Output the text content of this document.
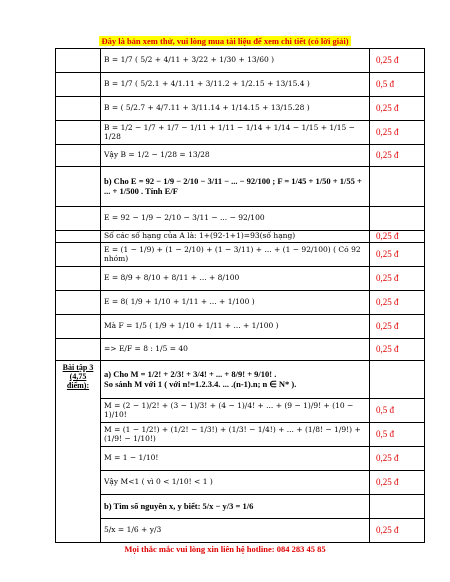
Đây là bản xem thử, vui lòng mua tài liệu để xem chi tiết (có lời giải)
	B = 1/7 ( 5/2 + 4/11 + 3/22 + 1/30 + 13/60 )	0,25 đ
	B = 1/7 ( 5/2.1 + 4/1.11 + 3/11.2 + 1/2.15 + 13/15.4 )	0,5 đ
	B = ( 5/2.7 + 4/7.11 + 3/11.14 + 1/14.15 + 13/15.28 )	0,25 đ
	B = 1/2 − 1/7 + 1/7 − 1/11 + 1/11 − 1/14 + 1/14 − 1/15 + 1/15 − 1/28	0,25 đ
	Vậy B = 1/2 − 1/28 = 13/28	0,25 đ
	b) Cho E = 92 − 1/9 − 2/10 − 3/11 − ... − 92/100 ; F = 1/45 + 1/50 + 1/55 + ... + 1/500 . Tính E/F	
	E = 92 − 1/9 − 2/10 − 3/11 − ... − 92/100	
	Số các số hạng của A là: 1+(92-1+1)=93(số hạng)	0,25 đ
	E = (1 − 1/9) + (1 − 2/10) + (1 − 3/11) + ... + (1 − 92/100) ( Có 92 nhóm)	0,25 đ
	E = 8/9 + 8/10 + 8/11 + ... + 8/100	0,25 đ
	E = 8( 1/9 + 1/10 + 1/11 + ... + 1/100 )	0,25 đ
	Mà F = 1/5 ( 1/9 + 1/10 + 1/11 + ... + 1/100 )	0,25 đ
	=> E/F = 8 : 1/5 = 40	0,25 đ
Bài tập 3 (4,75 điểm):	a) Cho M = 1/2! + 2/3! + 3/4! + ... + 8/9! + 9/10! .
So sánh M với 1 ( với n!=1.2.3.4. ... .(n-1).n; n ∈ N* ).	
	M = (2 − 1)/2! + (3 − 1)/3! + (4 − 1)/4! + ... + (9 − 1)/9! + (10 − 1)/10!	0,5 đ
	M = (1 − 1/2!) + (1/2! − 1/3!) + (1/3! − 1/4!) + ... + (1/8! − 1/9!) + (1/9! − 1/10!)	0,5 đ
	M = 1 − 1/10!	0,25 đ
	Vậy M<1 ( vì 0 < 1/10! < 1 )	0,25 đ
	b) Tìm số nguyên x, y biết: 5/x − y/3 = 1/6	
	5/x = 1/6 + y/3	0,25 đ
Mọi thắc mắc vui lòng xin liên hệ hotline: 084 283 45 85
